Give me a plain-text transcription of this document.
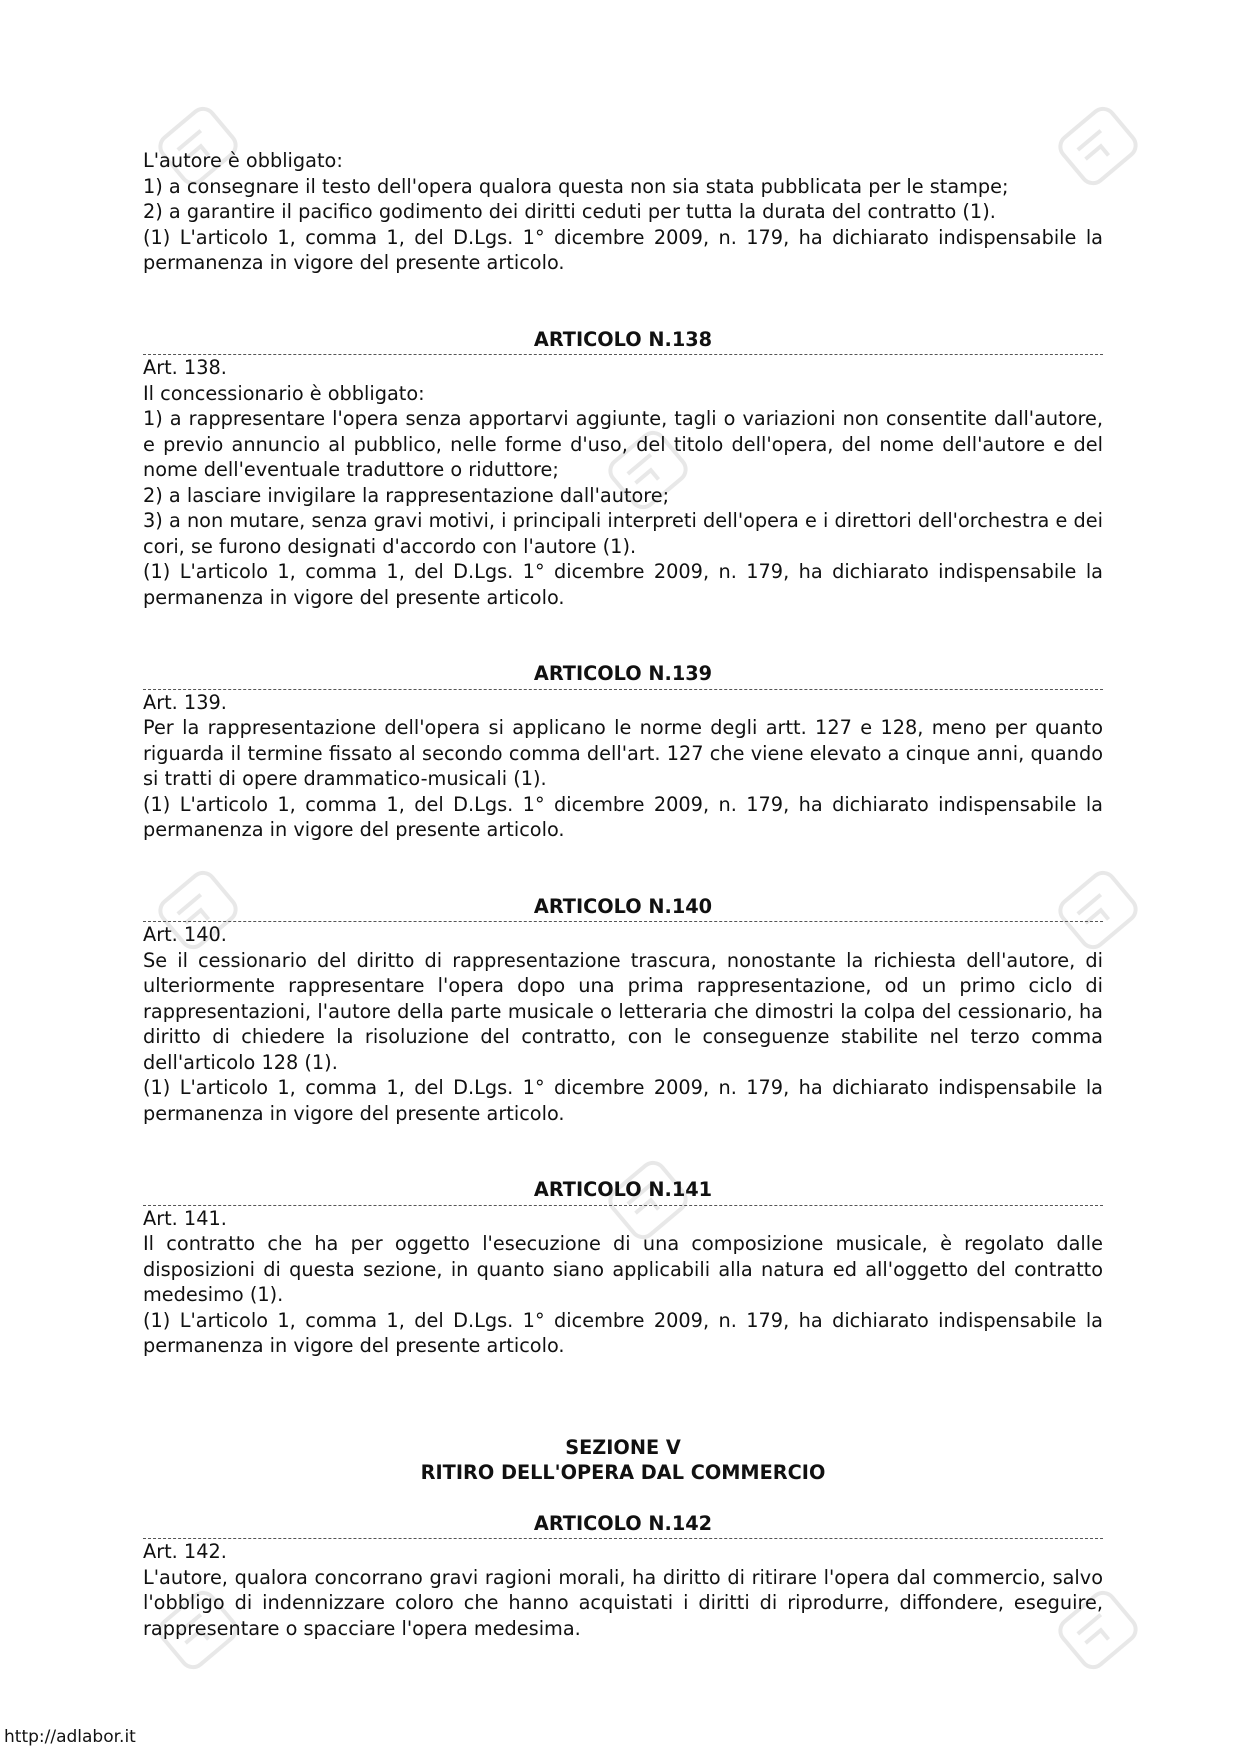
L'autore è obbligato:

1) a consegnare il testo dell'opera qualora questa non sia stata pubblicata per le stampe;

2) a garantire il pacifico godimento dei diritti ceduti per tutta la durata del contratto (1).

(1) L'articolo 1, comma 1, del D.Lgs. 1° dicembre 2009, n. 179, ha dichiarato indispensabile la permanenza in vigore del presente articolo.

ARTICOLO N.138

Art. 138.

Il concessionario è obbligato:

1) a rappresentare l'opera senza apportarvi aggiunte, tagli o variazioni non consentite dall'autore, e previo annuncio al pubblico, nelle forme d'uso, del titolo dell'opera, del nome dell'autore e del nome dell'eventuale traduttore o riduttore;

2) a lasciare invigilare la rappresentazione dall'autore;

3) a non mutare, senza gravi motivi, i principali interpreti dell'opera e i direttori dell'orchestra e dei cori, se furono designati d'accordo con l'autore (1).

(1) L'articolo 1, comma 1, del D.Lgs. 1° dicembre 2009, n. 179, ha dichiarato indispensabile la permanenza in vigore del presente articolo.

ARTICOLO N.139

Art. 139.

Per la rappresentazione dell'opera si applicano le norme degli artt. 127 e 128, meno per quanto riguarda il termine fissato al secondo comma dell'art. 127 che viene elevato a cinque anni, quando si tratti di opere drammatico-musicali (1).

(1) L'articolo 1, comma 1, del D.Lgs. 1° dicembre 2009, n. 179, ha dichiarato indispensabile la permanenza in vigore del presente articolo.

ARTICOLO N.140

Art. 140.

Se il cessionario del diritto di rappresentazione trascura, nonostante la richiesta dell'autore, di ulteriormente rappresentare l'opera dopo una prima rappresentazione, od un primo ciclo di rappresentazioni, l'autore della parte musicale o letteraria che dimostri la colpa del cessionario, ha diritto di chiedere la risoluzione del contratto, con le conseguenze stabilite nel terzo comma dell'articolo 128 (1).

(1) L'articolo 1, comma 1, del D.Lgs. 1° dicembre 2009, n. 179, ha dichiarato indispensabile la permanenza in vigore del presente articolo.

ARTICOLO N.141

Art. 141.

Il contratto che ha per oggetto l'esecuzione di una composizione musicale, è regolato dalle disposizioni di questa sezione, in quanto siano applicabili alla natura ed all'oggetto del contratto medesimo (1).

(1) L'articolo 1, comma 1, del D.Lgs. 1° dicembre 2009, n. 179, ha dichiarato indispensabile la permanenza in vigore del presente articolo.

SEZIONE V
RITIRO DELL'OPERA DAL COMMERCIO
ARTICOLO N.142

Art. 142.

L'autore, qualora concorrano gravi ragioni morali, ha diritto di ritirare l'opera dal commercio, salvo l'obbligo di indennizzare coloro che hanno acquistati i diritti di riprodurre, diffondere, eseguire, rappresentare o spacciare l'opera medesima.

http://adlabor.it
